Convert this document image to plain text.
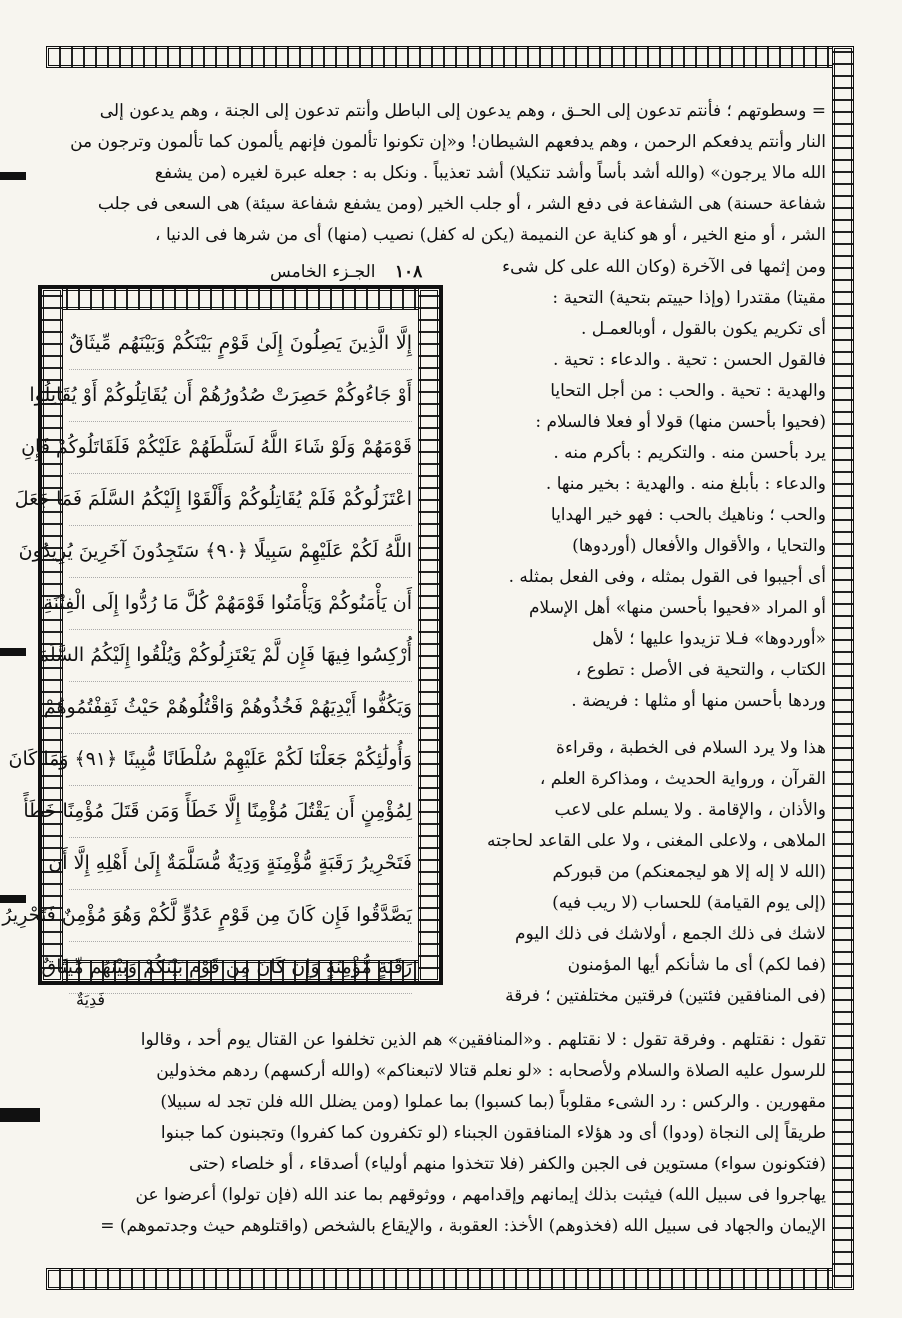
= وسطوتهم ؛ فأنتم تدعون إلى الحـق ، وهم يدعون إلى الباطل وأنتم تدعون إلى الجنة ، وهم يدعون إلى
النار وأنتم يدفعكم الرحمن ، وهم يدفعهم الشيطان! و«إن تكونوا تألمون فإنهم يألمون كما تألمون وترجون من
الله مالا يرجون» (والله أشد بأساً وأشد تنكيلا) أشد تعذيباً . ونكل به : جعله عبرة لغيره (من يشفع
شفاعة حسنة) هى الشفاعة فى دفع الشر ، أو جلب الخير (ومن يشفع شفاعة سيئة) هى السعى فى جلب
الشر ، أو منع الخير ، أو هو كناية عن النميمة (يكن له كفل) نصيب (منها) أى من شرها فى الدنيا ،
١٠٨ الجـزء الخامس
إِلَّا الَّذِينَ يَصِلُونَ إِلَىٰ قَوْمٍ بَيْنَكُمْ وَبَيْنَهُم مِّيثَاقٌ
أَوْ جَاءُوكُمْ حَصِرَتْ صُدُورُهُمْ أَن يُقَاتِلُوكُمْ أَوْ يُقَاتِلُوا
قَوْمَهُمْ وَلَوْ شَاءَ اللَّهُ لَسَلَّطَهُمْ عَلَيْكُمْ فَلَقَاتَلُوكُمْ فَإِنِ
اعْتَزَلُوكُمْ فَلَمْ يُقَاتِلُوكُمْ وَأَلْقَوْا إِلَيْكُمُ السَّلَمَ فَمَا جَعَلَ
اللَّهُ لَكُمْ عَلَيْهِمْ سَبِيلًا ﴿٩٠﴾ سَتَجِدُونَ آخَرِينَ يُرِيدُونَ
أَن يَأْمَنُوكُمْ وَيَأْمَنُوا قَوْمَهُمْ كُلَّ مَا رُدُّوا إِلَى الْفِتْنَةِ
أُرْكِسُوا فِيهَا فَإِن لَّمْ يَعْتَزِلُوكُمْ وَيُلْقُوا إِلَيْكُمُ السَّلَمَ
وَيَكُفُّوا أَيْدِيَهُمْ فَخُذُوهُمْ وَاقْتُلُوهُمْ حَيْثُ ثَقِفْتُمُوهُمْ
وَأُولَٰئِكُمْ جَعَلْنَا لَكُمْ عَلَيْهِمْ سُلْطَانًا مُّبِينًا ﴿٩١﴾ وَمَا كَانَ
لِمُؤْمِنٍ أَن يَقْتُلَ مُؤْمِنًا إِلَّا خَطَأً وَمَن قَتَلَ مُؤْمِنًا خَطَأً
فَتَحْرِيرُ رَقَبَةٍ مُّؤْمِنَةٍ وَدِيَةٌ مُّسَلَّمَةٌ إِلَىٰ أَهْلِهِ إِلَّا أَن
يَصَّدَّقُوا فَإِن كَانَ مِن قَوْمٍ عَدُوٍّ لَّكُمْ وَهُوَ مُؤْمِنٌ فَتَحْرِيرُ
رَقَبَةٍ مُّؤْمِنَةٍ وَإِن كَانَ مِن قَوْمٍ بَيْنَكُمْ وَبَيْنَهُم مِّيثَاقٌ
فَدِيَةٌ
ومن إثمها فى الآخرة (وكان الله على كل شىء
مقيتا) مقتدرا (وإذا حييتم بتحية) التحية :
أى تكريم يكون بالقول ، أوبالعمـل .
فالقول الحسن : تحية . والدعاء : تحية .
والهدية : تحية . والحب : من أجل التحايا
(فحيوا بأحسن منها) قولا أو فعلا فالسلام :
يرد بأحسن منه . والتكريم : بأكرم منه .
والدعاء : بأبلغ منه . والهدية : بخير منها .
والحب ؛ وناهيك بالحب : فهو خير الهدايا
والتحايا ، والأقوال والأفعال (أوردوها)
أى أجيبوا فى القول بمثله ، وفى الفعل بمثله .
أو المراد «فحيوا بأحسن منها» أهل الإسلام
«أوردوها» فـلا تزيدوا عليها ؛ لأهل
الكتاب ، والتحية فى الأصل : تطوع ،
وردها بأحسن منها أو مثلها : فريضة .
هذا ولا يرد السلام فى الخطبة ، وقراءة
القرآن ، ورواية الحديث ، ومذاكرة العلم ،
والأذان ، والإقامة . ولا يسلم على لاعب
الملاهى ، ولاعلى المغنى ، ولا على القاعد لحاجته
(الله لا إله إلا هو ليجمعنكم) من قبوركم
(إلى يوم القيامة) للحساب (لا ريب فيه)
لاشك فى ذلك الجمع ، أولاشك فى ذلك اليوم
(فما لكم) أى ما شأنكم أيها المؤمنون
(فى المنافقين فئتين) فرقتين مختلفتين ؛ فرقة
تقول : نقتلهم . وفرقة تقول : لا نقتلهم . و«المنافقين» هم الذين تخلفوا عن القتال يوم أحد ، وقالوا
للرسول عليه الصلاة والسلام ولأصحابه : «لو نعلم قتالا لاتبعناكم» (والله أركسهم) ردهم مخذولين
مقهورين . والركس : رد الشىء مقلوباً (بما كسبوا) بما عملوا (ومن يضلل الله فلن تجد له سبيلا)
طريقاً إلى النجاة (ودوا) أى ود هؤلاء المنافقون الجبناء (لو تكفرون كما كفروا) وتجبنون كما جبنوا
(فتكونون سواء) مستوين فى الجبن والكفر (فلا تتخذوا منهم أولياء) أصدقاء ، أو خلصاء (حتى
يهاجروا فى سبيل الله) فيثبت بذلك إيمانهم وإقدامهم ، ووثوقهم بما عند الله (فإن تولوا) أعرضوا عن
الإيمان والجهاد فى سبيل الله (فخذوهم) الأخذ: العقوبة ، والإيقاع بالشخص (واقتلوهم حيث وجدتموهم) =
